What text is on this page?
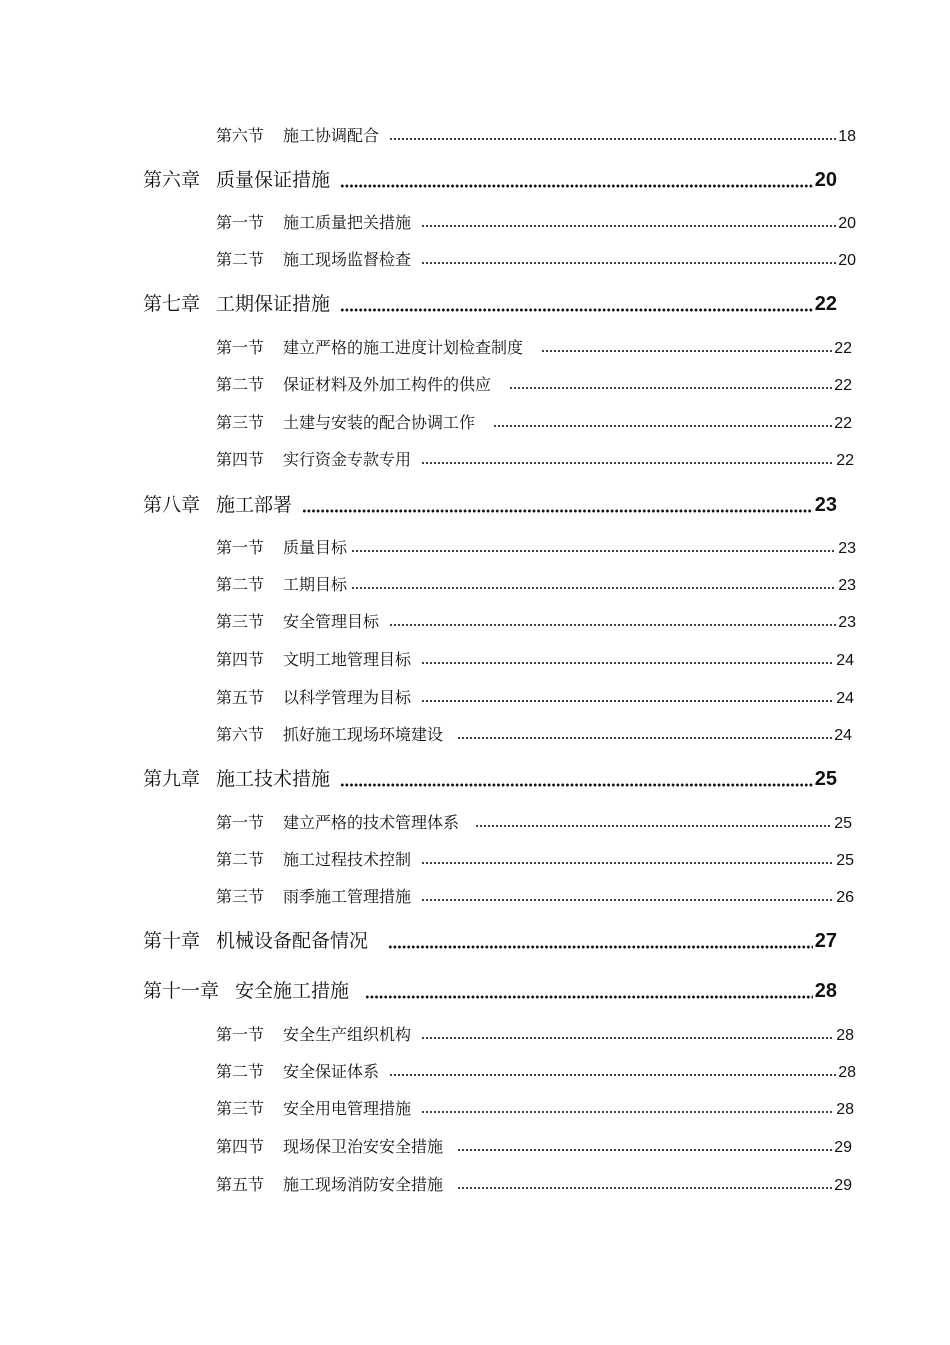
第六节	施工协调配合	18
第六章 质量保证措施	20
第一节	施工质量把关措施	20
第二节	施工现场监督检查	20
第七章 工期保证措施	22
第一节	建立严格的施工进度计划检查制度	22
第二节	保证材料及外加工构件的供应	22
第三节	土建与安装的配合协调工作	22
第四节	实行资金专款专用	22
第八章 施工部署	23
第一节	质量目标	23
第二节	工期目标	23
第三节	安全管理目标	23
第四节	文明工地管理目标	24
第五节	以科学管理为目标	24
第六节	抓好施工现场环境建设	24
第九章 施工技术措施	25
第一节	建立严格的技术管理体系	25
第二节	施工过程技术控制	25
第三节	雨季施工管理措施	26
第十章 机械设备配备情况	27
第十一章 安全施工措施	28
第一节	安全生产组织机构	28
第二节	安全保证体系	28
第三节	安全用电管理措施	28
第四节	现场保卫治安安全措施	29
第五节	施工现场消防安全措施	29
